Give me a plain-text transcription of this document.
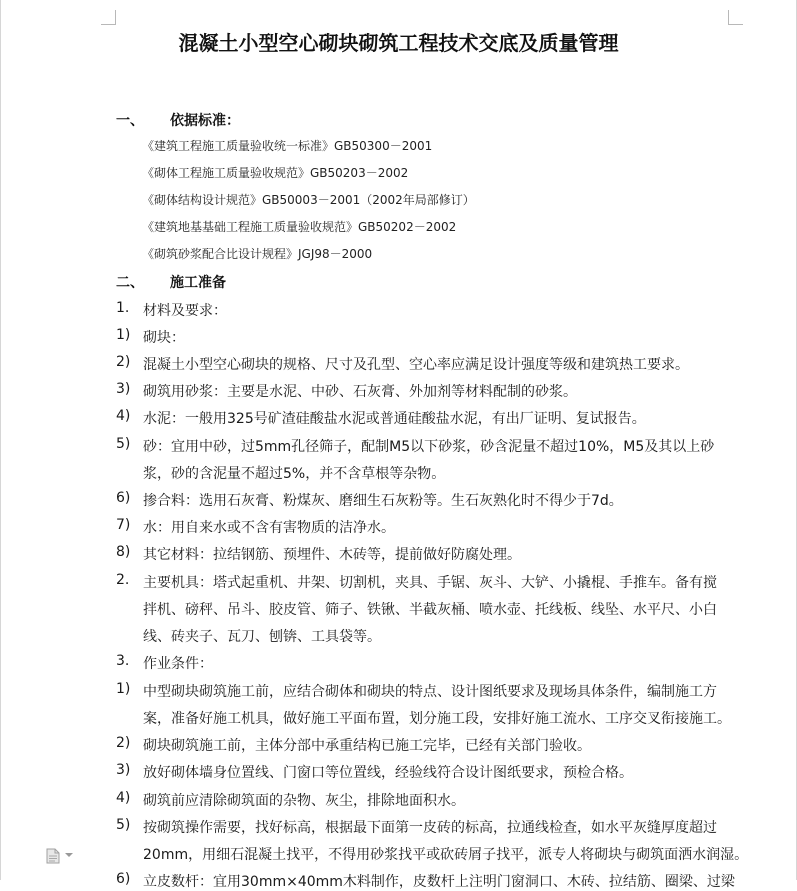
混凝土小型空心砌块砌筑工程技术交底及质量管理
一、 依据标准：
《建筑工程施工质量验收统一标准》GB50300－2001
《砌体工程施工质量验收规范》GB50203－2002
《砌体结构设计规范》GB50003－2001（2002年局部修订）
《建筑地基基础工程施工质量验收规范》GB50202－2002
《砌筑砂浆配合比设计规程》JGJ98－2000
二、 施工准备
1. 材料及要求：
1) 砌块：
2) 混凝土小型空心砌块的规格、尺寸及孔型、空心率应满足设计强度等级和建筑热工要求。
3) 砌筑用砂浆：主要是水泥、中砂、石灰膏、外加剂等材料配制的砂浆。
4) 水泥：一般用325号矿渣硅酸盐水泥或普通硅酸盐水泥，有出厂证明、复试报告。
5) 砂：宜用中砂，过5mm孔径筛子，配制M5以下砂浆，砂含泥量不超过10%，M5及其以上砂
浆，砂的含泥量不超过5%，并不含草根等杂物。
6) 掺合料：选用石灰膏、粉煤灰、磨细生石灰粉等。生石灰熟化时不得少于7d。
7) 水：用自来水或不含有害物质的洁净水。
8) 其它材料：拉结钢筋、预埋件、木砖等，提前做好防腐处理。
2. 主要机具：塔式起重机、井架、切割机，夹具、手锯、灰斗、大铲、小撬棍、手推车。备有搅
拌机、磅秤、吊斗、胶皮管、筛子、铁锹、半截灰桶、喷水壶、托线板、线坠、水平尺、小白
线、砖夹子、瓦刀、刨锛、工具袋等。
3. 作业条件：
1) 中型砌块砌筑施工前，应结合砌体和砌块的特点、设计图纸要求及现场具体条件，编制施工方
案，准备好施工机具，做好施工平面布置，划分施工段，安排好施工流水、工序交叉衔接施工。
2) 砌块砌筑施工前，主体分部中承重结构已施工完毕，已经有关部门验收。
3) 放好砌体墙身位置线、门窗口等位置线，经验线符合设计图纸要求，预检合格。
4) 砌筑前应清除砌筑面的杂物、灰尘，排除地面积水。
5) 按砌筑操作需要，找好标高，根据最下面第一皮砖的标高，拉通线检查，如水平灰缝厚度超过
20mm，用细石混凝土找平，不得用砂浆找平或砍砖屑子找平，派专人将砌块与砌筑面洒水润湿。
6) 立皮数杆：宜用30mm×40mm木料制作，皮数杆上注明门窗洞口、木砖、拉结筋、圈梁、过梁
